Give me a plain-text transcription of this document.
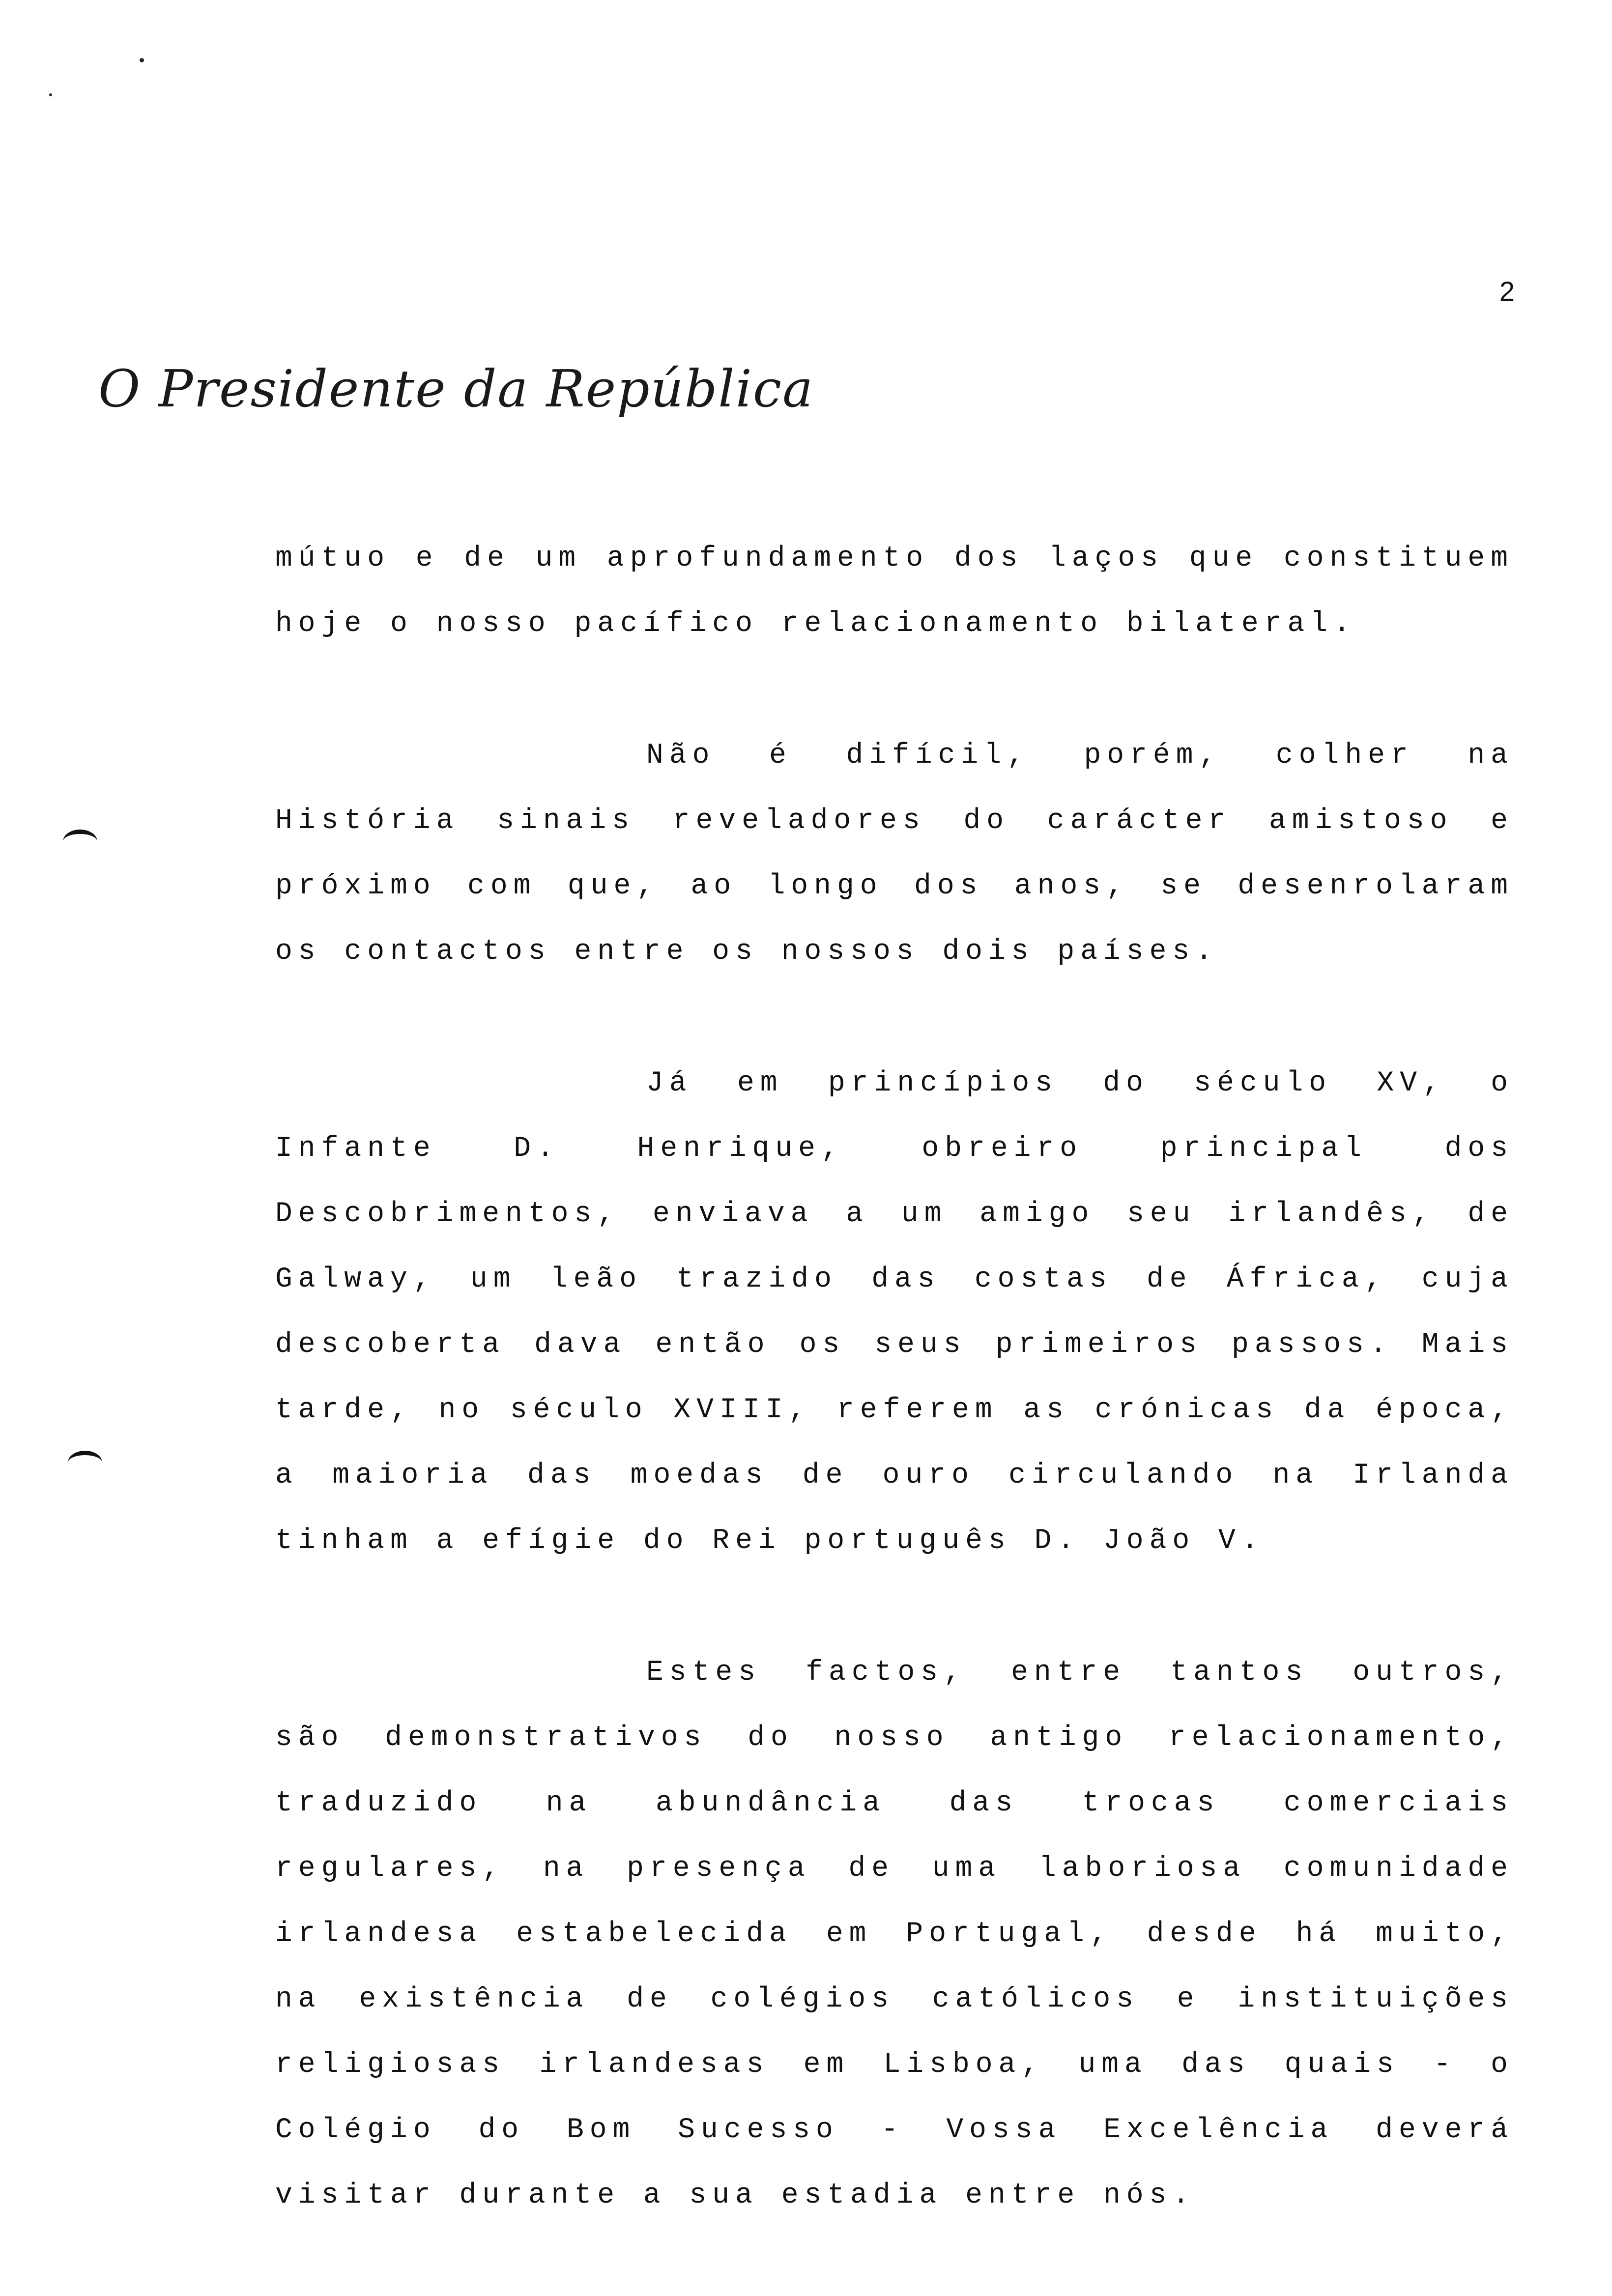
2
O Presidente da República

mútuo e de um aprofundamento dos laços que constituem hoje o nosso pacífico relacionamento bilateral.

Não é difícil, porém, colher na História sinais reveladores do carácter amistoso e próximo com que, ao longo dos anos, se desenrolaram os contactos entre os nossos dois países.

Já em princípios do século XV, o Infante D. Henrique, obreiro principal dos Descobrimentos, enviava a um amigo seu irlandês, de Galway, um leão trazido das costas de África, cuja descoberta dava então os seus primeiros passos. Mais tarde, no século XVIII, referem as crónicas da época, a maioria das moedas de ouro circulando na Irlanda tinham a efígie do Rei português D. João V.

Estes factos, entre tantos outros, são demonstrativos do nosso antigo relacionamento, traduzido na abundância das trocas comerciais regulares, na presença de uma laboriosa comunidade irlandesa estabelecida em Portugal, desde há muito, na existência de colégios católicos e instituições religiosas irlandesas em Lisboa, uma das quais - o Colégio do Bom Sucesso - Vossa Excelência deverá visitar durante a sua estadia entre nós.
